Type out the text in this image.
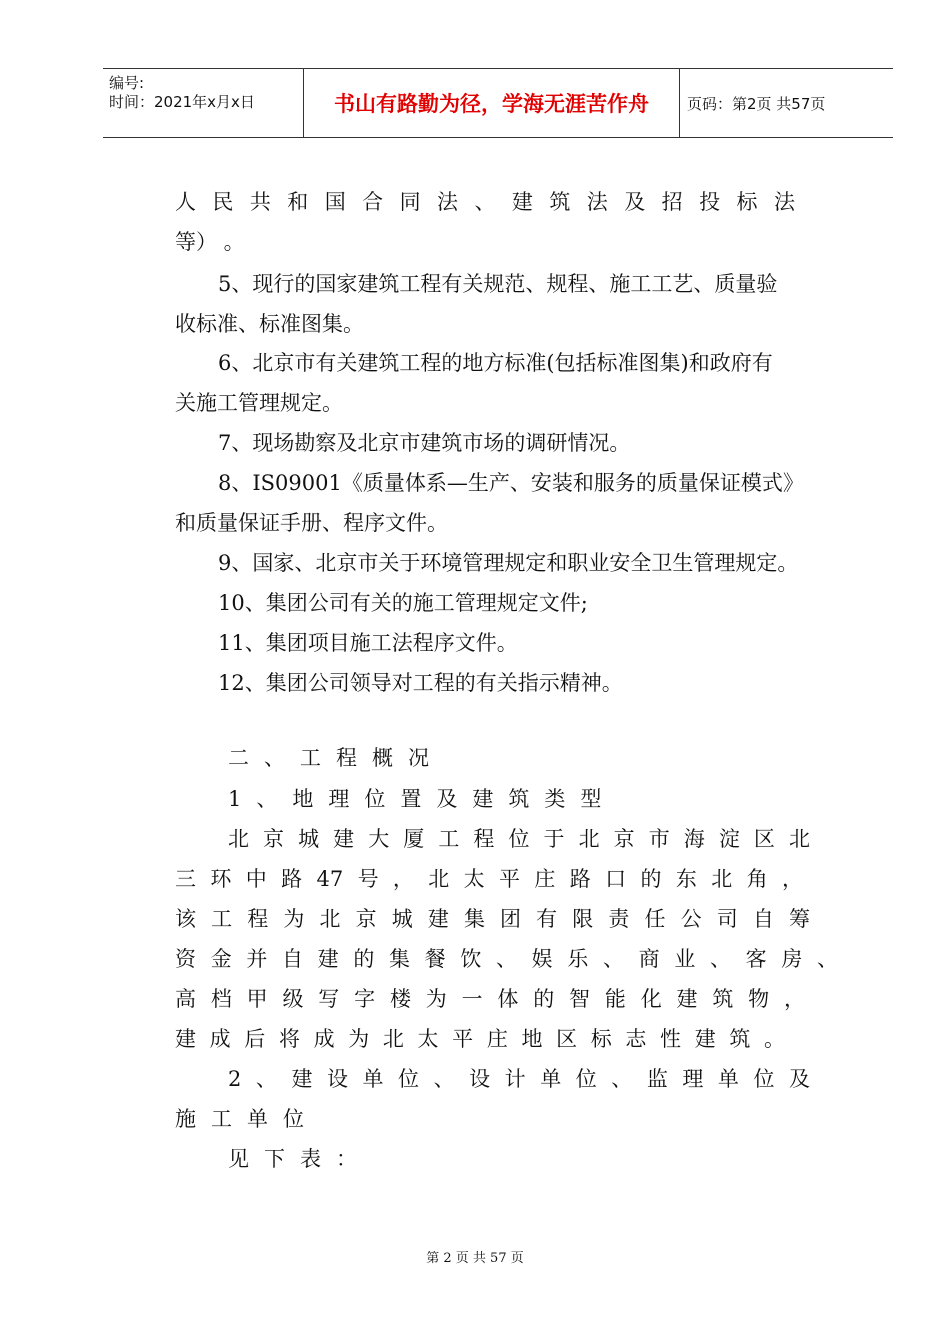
编号:
时间：2021年x月x日	书山有路勤为径，学海无涯苦作舟	页码：第2页 共57页
人民共和国合同法、建筑法及招投标法
等） 。
5、现行的国家建筑工程有关规范、规程、施工工艺、质量验
收标准、标准图集。
6、北京市有关建筑工程的地方标准(包括标准图集)和政府有
关施工管理规定。
7、现场勘察及北京市建筑市场的调研情况。
8、IS09001《质量体系—生产、安装和服务的质量保证模式》
和质量保证手册、程序文件。
9、国家、北京市关于环境管理规定和职业安全卫生管理规定。
10、集团公司有关的施工管理规定文件;
11、集团项目施工法程序文件。
12、集团公司领导对工程的有关指示精神。
二、工程概况
1、地理位置及建筑类型
北京城建大厦工程位于北京市海淀区北
三环中路47号，北太平庄路口的东北角，
该工程为北京城建集团有限责任公司自筹
资金并自建的集餐饮、娱乐、商业、客房、
高档甲级写字楼为一体的智能化建筑物，
建成后将成为北太平庄地区标志性建筑。
2、建设单位、设计单位、监理单位及
施工单位
见下表：
第 2 页 共 57 页
